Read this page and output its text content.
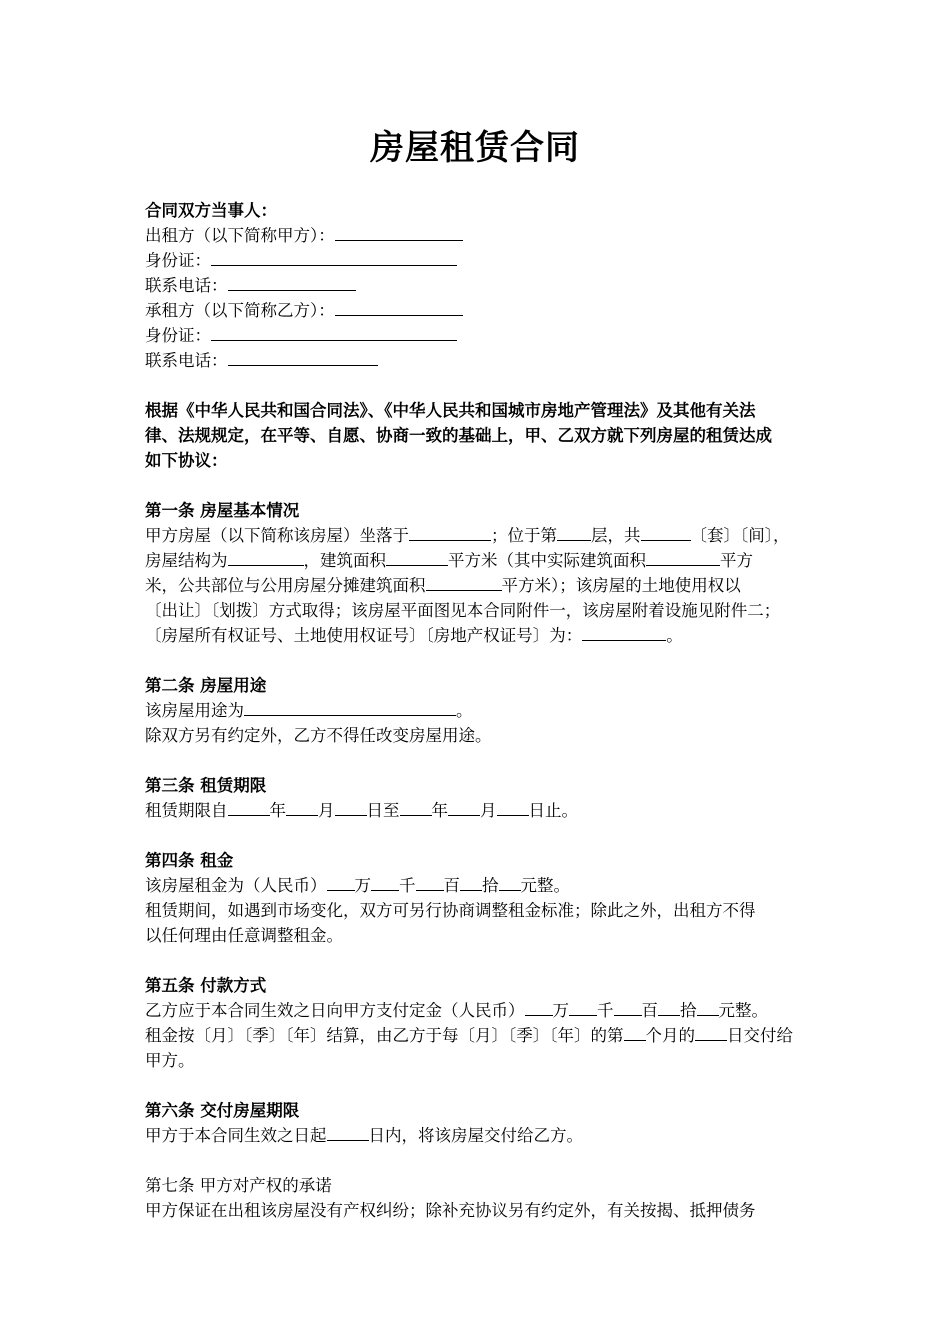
房屋租赁合同
合同双方当事人：
出租方（以下简称甲方）：
身份证：
联系电话：
承租方（以下简称乙方）：
身份证：
联系电话：
根据《中华人民共和国合同法》、《中华人民共和国城市房地产管理法》及其他有关法
律、法规规定，在平等、自愿、协商一致的基础上，甲、乙双方就下列房屋的租赁达成
如下协议：
第一条 房屋基本情况
甲方房屋（以下简称该房屋）坐落于	；位于第 层，共	〔套〕〔间〕，
房屋结构为	，建筑面积	平方米（其中实际建筑面积	平方
米，公共部位与公用房屋分摊建筑面积	平方米）；该房屋的土地使用权以
〔出让〕〔划拨〕方式取得；该房屋平面图见本合同附件一，该房屋附着设施见附件二；
〔房屋所有权证号、土地使用权证号〕〔房地产权证号〕为：	。
第二条 房屋用途
该房屋用途为	。
除双方另有约定外，乙方不得任改变房屋用途。
第三条 租赁期限
租赁期限自	年 月 日至 年 月 日止。
第四条 租金
该房屋租金为（人民币） 万 千 百 拾 元整。
租赁期间，如遇到市场变化，双方可另行协商调整租金标准；除此之外，出租方不得
以任何理由任意调整租金。
第五条 付款方式
乙方应于本合同生效之日向甲方支付定金（人民币） 万 千 百 拾 元整。
租金按〔月〕〔季〕〔年〕结算，由乙方于每〔月〕〔季〕〔年〕的第 个月的 日交付给
甲方。
第六条 交付房屋期限
甲方于本合同生效之日起	日内，将该房屋交付给乙方。
第七条 甲方对产权的承诺
甲方保证在出租该房屋没有产权纠纷；除补充协议另有约定外，有关按揭、抵押债务
